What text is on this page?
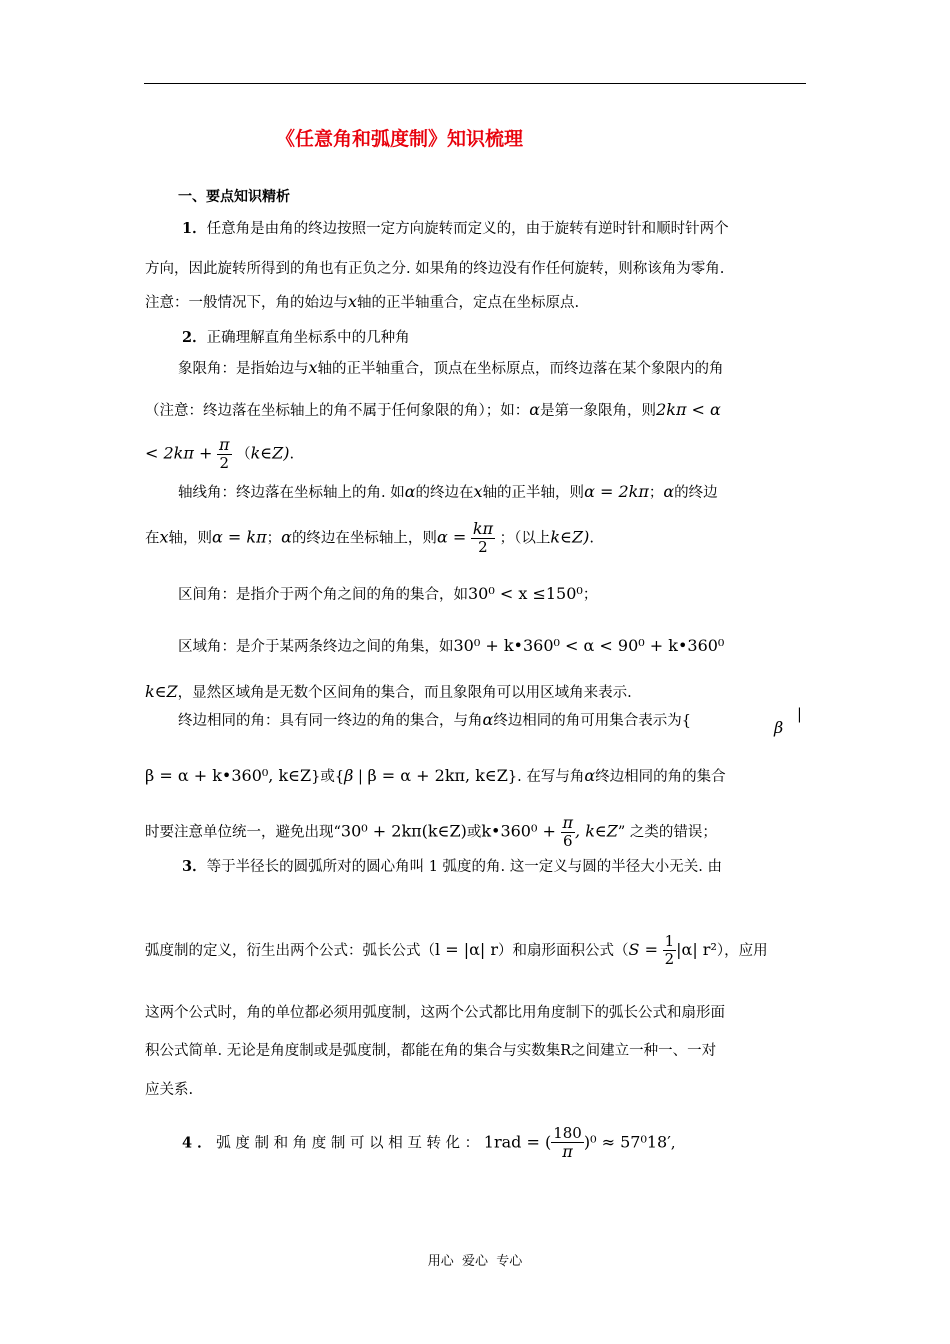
《任意角和弧度制》知识梳理
一、要点知识精析
1．任意角是由角的终边按照一定方向旋转而定义的，由于旋转有逆时针和顺时针两个
方向，因此旋转所得到的角也有正负之分. 如果角的终边没有作任何旋转，则称该角为零角.
注意：一般情况下，角的始边与x轴的正半轴重合，定点在坐标原点.
2．正确理解直角坐标系中的几种角
象限角：是指始边与x轴的正半轴重合，顶点在坐标原点，而终边落在某个象限内的角
（注意：终边落在坐标轴上的角不属于任何象限的角）；如：α是第一象限角，则2kπ < α
< $2k\pi + \frac{\pi}{2}$ （k∈Z).
轴线角：终边落在坐标轴上的角. 如α的终边在x轴的正半轴，则α = 2kπ；α的终边
在x轴，则α = kπ；α的终边在坐标轴上，则$\alpha = \frac{k\pi}{2}$ ；（以上k∈Z).
区间角：是指介于两个角之间的角的集合，如30⁰ < x ≤150⁰；
区域角：是介于某两条终边之间的角集，如30⁰ + k•360⁰ < α < 90⁰ + k•360⁰
k∈Z，显然区域角是无数个区间角的集合，而且象限角可以用区域角来表示.
终边相同的角：具有同一终边的角的集合，与角α终边相同的角可用集合表示为{	β
|
β = α + k•360⁰, k∈Z}或{β | β = α + 2kπ, k∈Z}. 在写与角α终边相同的角的集合
时要注意单位统一，避免出现“30⁰ + 2kπ(k∈Z)或k•360⁰ + $\frac{\pi}{6}$ , k∈Z” 之类的错误；
3．等于半径长的圆弧所对的圆心角叫 1 弧度的角. 这一定义与圆的半径大小无关. 由
弧度制的定义，衍生出两个公式：弧长公式（l = |α| r）和扇形面积公式（$S = \frac{1}{2} |\alpha|$ r²），应用
这两个公式时，角的单位都必须用弧度制，这两个公式都比用角度制下的弧长公式和扇形面
积公式简单. 无论是角度制或是弧度制，都能在角的集合与实数集R之间建立一种一、一对
应关系.
4 ． 弧 度 制 和 角 度 制 可 以 相 互 转 化 ： 1rad = ( $\frac{180}{\pi} )^0 \approx 57^018'$,
用心  爱心  专心
